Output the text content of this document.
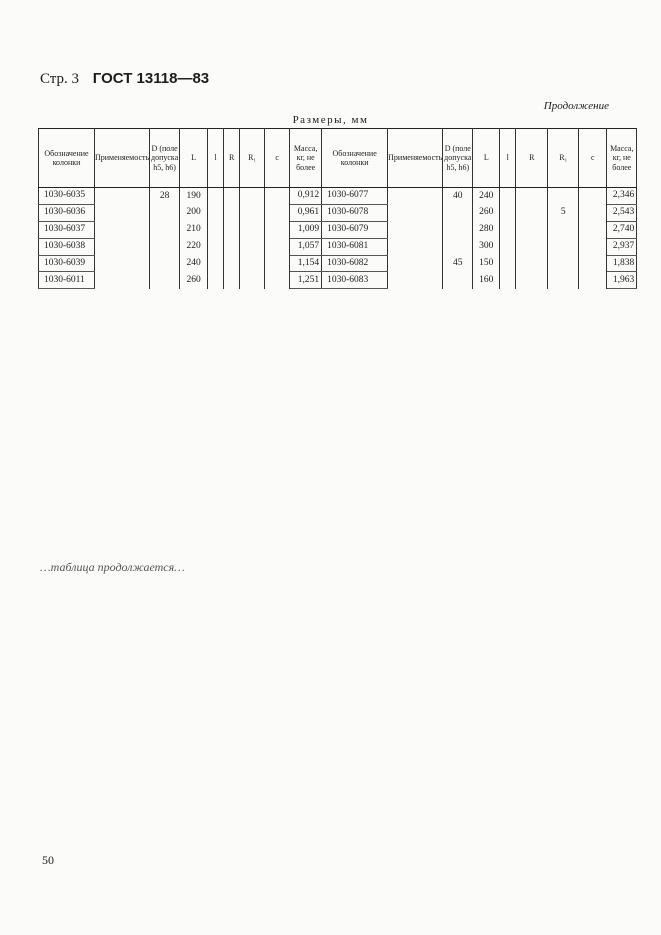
Стр. 3 ГОСТ 13118—83
Продолжение
Размеры, мм
Обозначение колонки	Применяемость	D (поле допуска h5, h6)	L	l	R	R₁	c	Масса, кг, не более	Обозначение колонки	Применяемость	D (поле допуска h5, h6)	L	l	R	R₁	c	Масса, кг, не более
1030-6035		28	190					0,912	1030-6077		40	240					2,346
1030-6036			200					0,961	1030-6078			260			5		2,543
1030-6037			210					1,009	1030-6079			280					2,740
1030-6038			220					1,057	1030-6081			300					2,937
1030-6039			240					1,154	1030-6082		45	150					1,838
1030-6011			260					1,251	1030-6083			160					1,963
…таблица продолжается…
50
